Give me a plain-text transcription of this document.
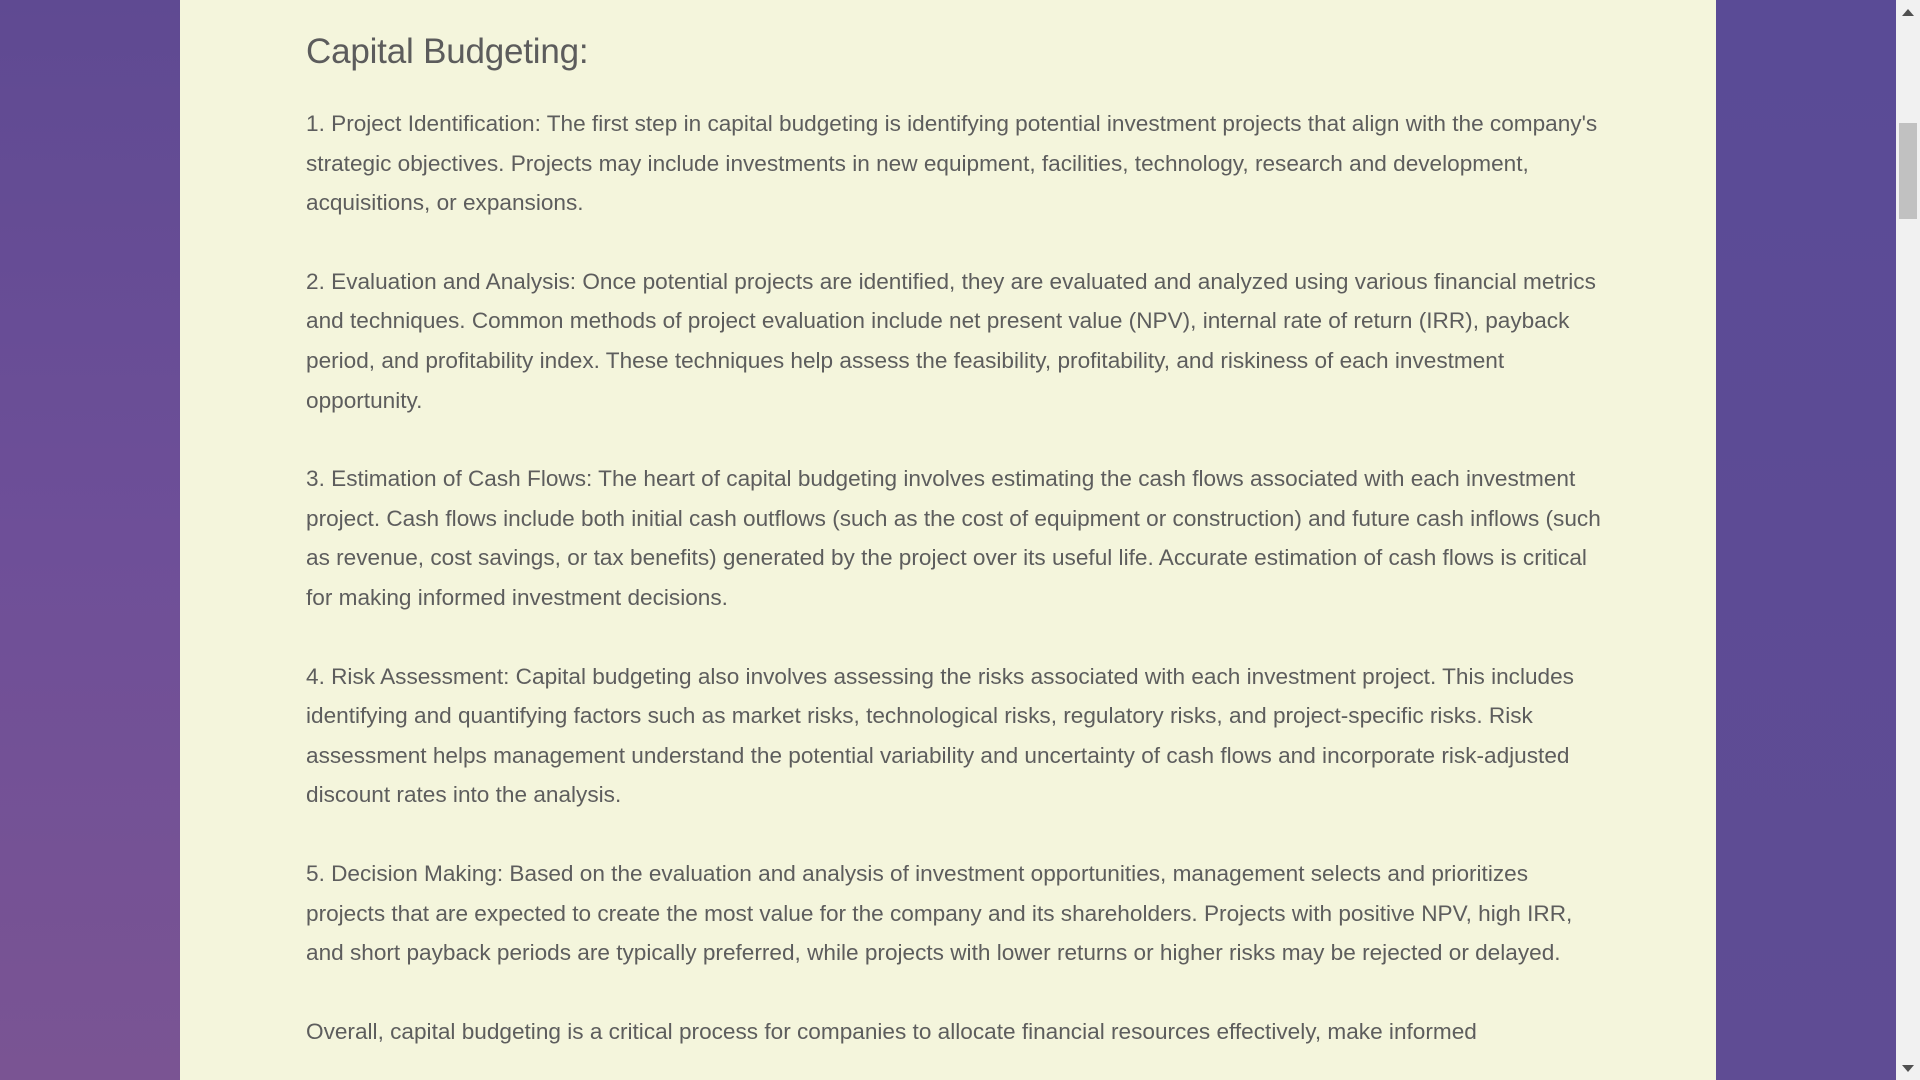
Capital Budgeting:

1. Project Identification: The first step in capital budgeting is identifying potential investment projects that align with the company's strategic objectives. Projects may include investments in new equipment, facilities, technology, research and development, acquisitions, or expansions.

2. Evaluation and Analysis: Once potential projects are identified, they are evaluated and analyzed using various financial metrics and techniques. Common methods of project evaluation include net present value (NPV), internal rate of return (IRR), payback period, and profitability index. These techniques help assess the feasibility, profitability, and riskiness of each investment opportunity.

3. Estimation of Cash Flows: The heart of capital budgeting involves estimating the cash flows associated with each investment project. Cash flows include both initial cash outflows (such as the cost of equipment or construction) and future cash inflows (such as revenue, cost savings, or tax benefits) generated by the project over its useful life. Accurate estimation of cash flows is critical for making informed investment decisions.

4. Risk Assessment: Capital budgeting also involves assessing the risks associated with each investment project. This includes identifying and quantifying factors such as market risks, technological risks, regulatory risks, and project-specific risks. Risk assessment helps management understand the potential variability and uncertainty of cash flows and incorporate risk-adjusted discount rates into the analysis.

5. Decision Making: Based on the evaluation and analysis of investment opportunities, management selects and prioritizes projects that are expected to create the most value for the company and its shareholders. Projects with positive NPV, high IRR, and short payback periods are typically preferred, while projects with lower returns or higher risks may be rejected or delayed.

Overall, capital budgeting is a critical process for companies to allocate financial resources effectively, make informed
